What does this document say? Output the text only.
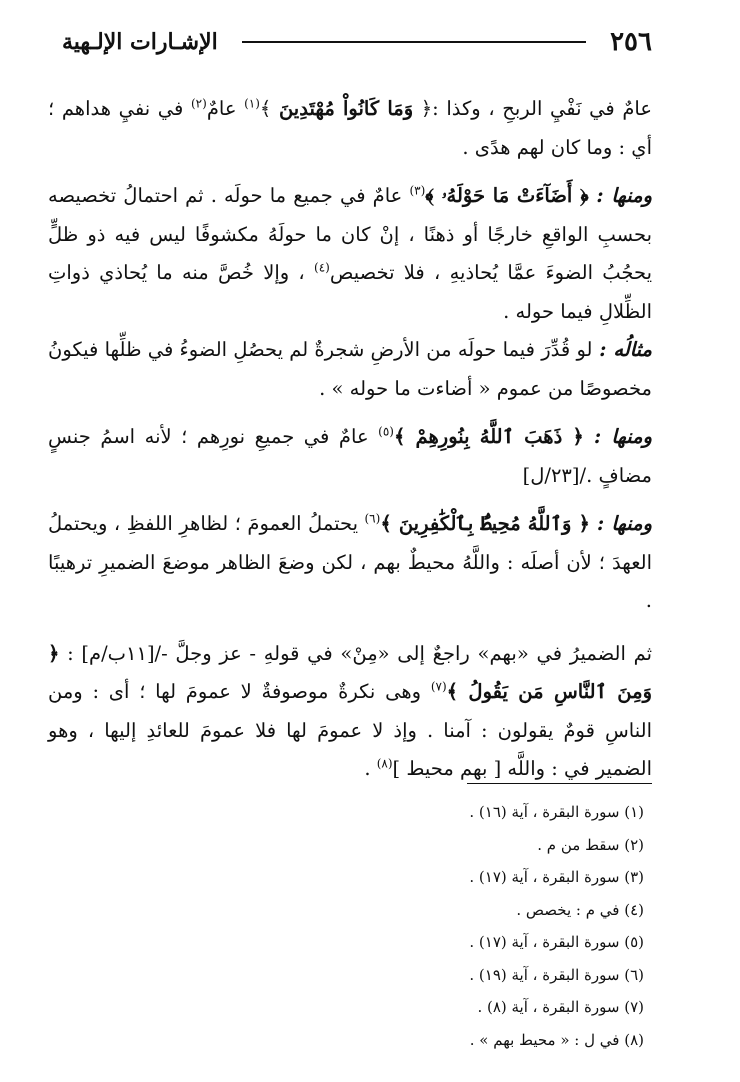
٢٥٦
الإشـارات الإلـهية

عامٌ في نَفْيِ الربحِ ، وكذا :﴿ وَمَا كَانُواْ مُهْتَدِينَ ﴾$^{(١)}$ عامٌ$^{(٢)}$ في نفيِ هداهم ؛ أي : وما كان لهم هدًى .

ومنها : ﴿ أَضَآءَتْ مَا حَوْلَهُۥ ﴾$^{(٣)}$ عامٌ في جميع ما حولَه . ثم احتمالُ تخصيصه بحسبِ الواقعِ خارجًا أو ذهنًا ، إنْ كان ما حولَهُ مكشوفًا ليس فيه ذو ظلٍّ يحجُبُ الضوءَ عمَّا يُحاذيهِ ، فلا تخصيص$^{(٤)}$ ، وإلا خُصَّ منه ما يُحاذي ذواتِ الظِّلالِ فيما حوله .

مثالُه : لو قُدِّرَ فيما حولَه من الأرضِ شجرةٌ لم يحصُلِ الضوءُ في ظلِّها فيكونُ مخصوصًا من عموم « أضاءت ما حوله » .

ومنها : ﴿ ذَهَبَ ٱللَّهُ بِنُورِهِمْ ﴾$^{(٥)}$ عامٌ في جميعِ نورِهم ؛ لأنه اسمُ جنسٍ مضافٍ ./[٢٣/ل]

ومنها : ﴿ وَٱللَّهُ مُحِيطٌۢ بِٱلْكَٰفِرِينَ ﴾$^{(٦)}$ يحتملُ العمومَ ؛ لظاهرِ اللفظِ ، ويحتملُ العهدَ ؛ لأن أصلَه : واللَّهُ محيطٌ بهم ، لكن وضعَ الظاهر موضعَ الضميرِ ترهيبًا .

ثم الضميرُ في «بهم» راجعٌ إلى «مِنْ» في قولهِ - عز وجلَّ -/[١١ب/م] : ﴿ وَمِنَ ٱلنَّاسِ مَن يَقُولُ ﴾$^{(٧)}$ وهى نكرةٌ موصوفةٌ لا عمومَ لها ؛ أى : ومن الناسِ قومٌ يقولون : آمنا . وإذ لا عمومَ لها فلا عمومَ للعائدِ إليها ، وهو الضمير في : واللَّه [ بهم محيط ]$^{(٨)}$ .

(١) سورة البقرة ، آية (١٦) .

(٢) سقط من م .

(٣) سورة البقرة ، آية (١٧) .

(٤) في م : يخصص .

(٥) سورة البقرة ، آية (١٧) .

(٦) سورة البقرة ، آية (١٩) .

(٧) سورة البقرة ، آية (٨) .

(٨) في ل : « محيط بهم » .
